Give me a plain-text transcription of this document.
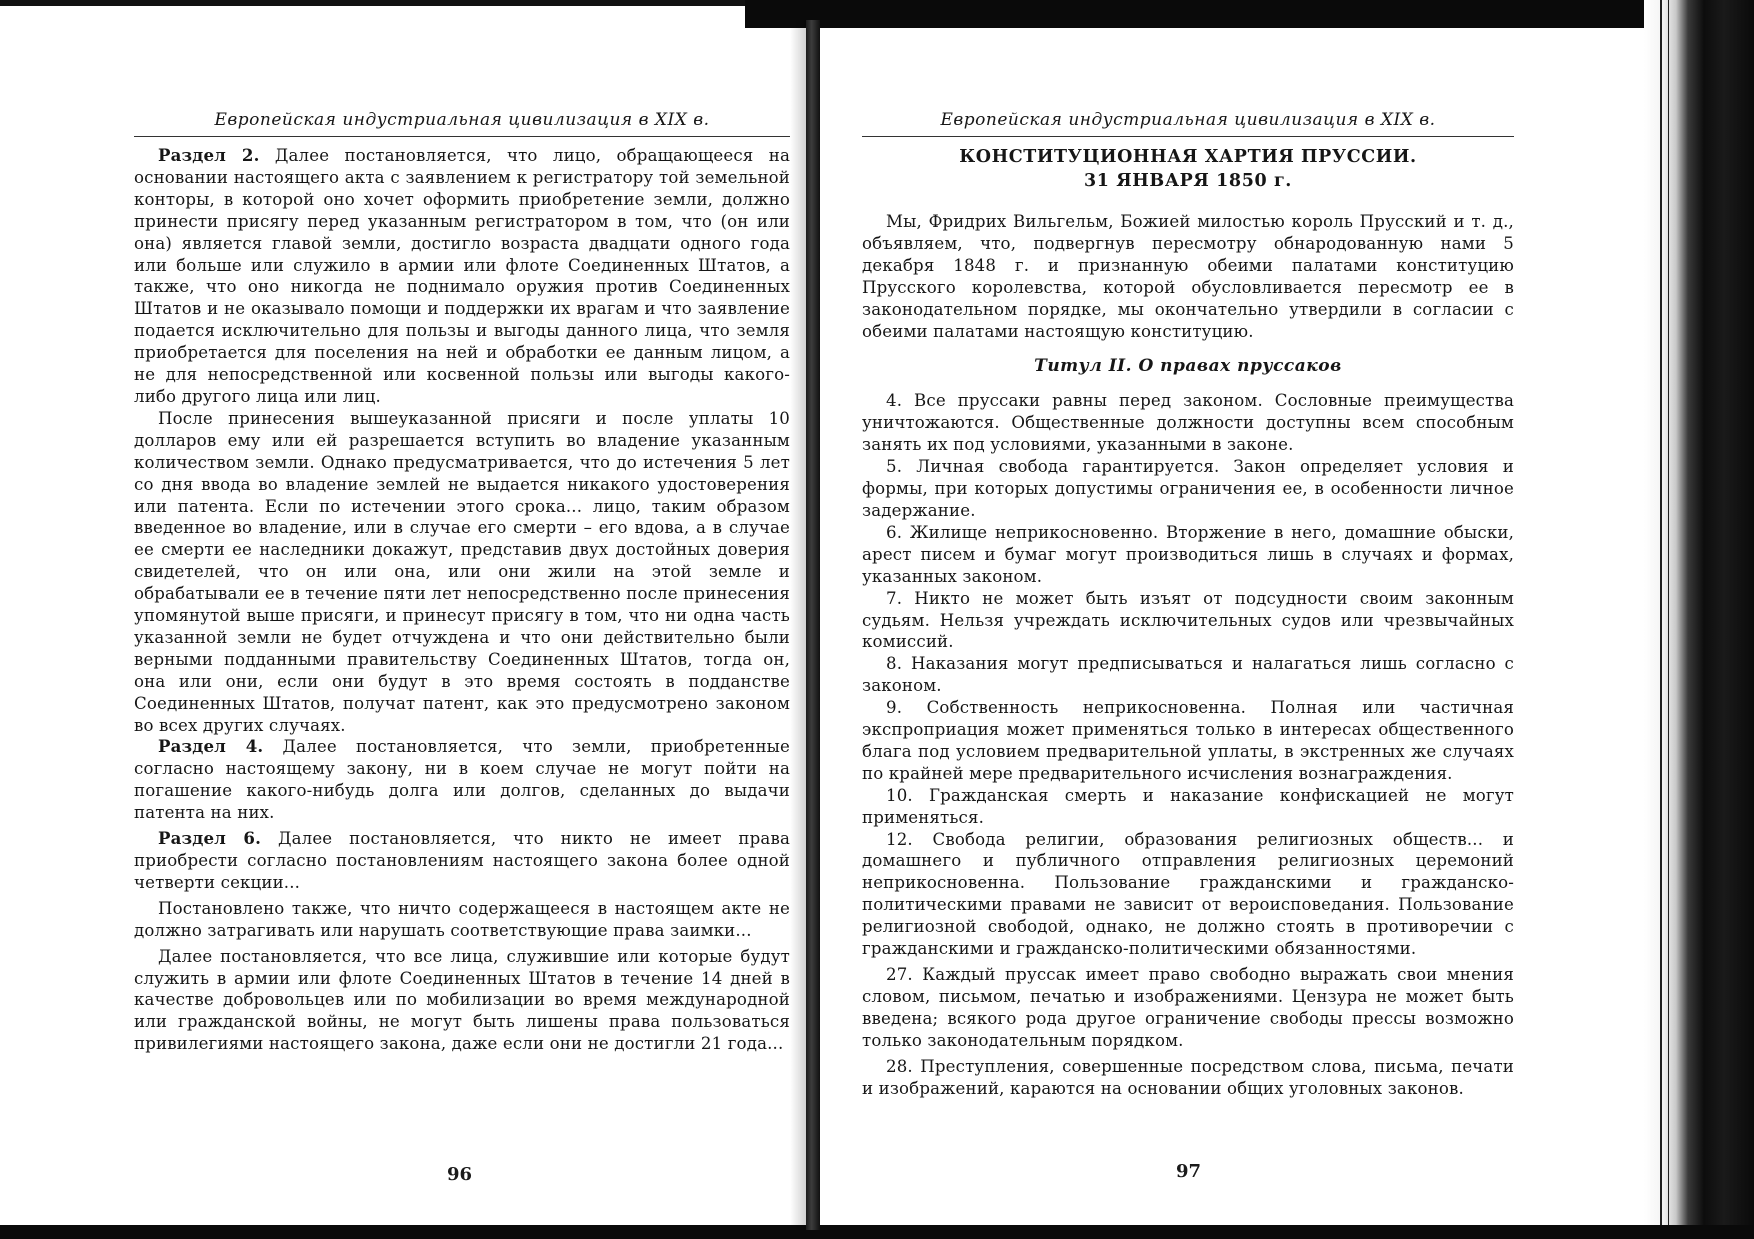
Европейская индустриальная цивилизация в XIX в.

Раздел 2. Далее постановляется, что лицо, обращающееся на основании настоящего акта с заявлением к регистратору той земельной конторы, в которой оно хочет оформить приобретение земли, должно принести присягу перед указанным регистратором в том, что (он или она) является главой земли, достигло возраста двадцати одного года или больше или служило в армии или флоте Соединенных Штатов, а также, что оно никогда не поднимало оружия против Соединенных Штатов и не оказывало помощи и поддержки их врагам и что заявление подается исключительно для пользы и выгоды данного лица, что земля приобретается для поселения на ней и обработки ее данным лицом, а не для непосредственной или косвенной пользы или выгоды какого-либо другого лица или лиц.

После принесения вышеуказанной присяги и после уплаты 10 долларов ему или ей разрешается вступить во владение указанным количеством земли. Однако предусматривается, что до истечения 5 лет со дня ввода во владение землей не выдается никакого удостоверения или патента. Если по истечении этого срока... лицо, таким образом введенное во владение, или в случае его смерти – его вдова, а в случае ее смерти ее наследники докажут, представив двух достойных доверия свидетелей, что он или она, или они жили на этой земле и обрабатывали ее в течение пяти лет непосредственно после принесения упомянутой выше присяги, и принесут присягу в том, что ни одна часть указанной земли не будет отчуждена и что они действительно были верными подданными правительству Соединенных Штатов, тогда он, она или они, если они будут в это время состоять в подданстве Соединенных Штатов, получат патент, как это предусмотрено законом во всех других случаях.

Раздел 4. Далее постановляется, что земли, приобретенные согласно настоящему закону, ни в коем случае не могут пойти на погашение какого-нибудь долга или долгов, сделанных до выдачи патента на них.

Раздел 6. Далее постановляется, что никто не имеет права приобрести согласно постановлениям настоящего закона более одной четверти секции...

Постановлено также, что ничто содержащееся в настоящем акте не должно затрагивать или нарушать соответствующие права заимки...

Далее постановляется, что все лица, служившие или которые будут служить в армии или флоте Соединенных Штатов в течение 14 дней в качестве добровольцев или по мобилизации во время международной или гражданской войны, не могут быть лишены права пользоваться привилегиями настоящего закона, даже если они не достигли 21 года...

96
Европейская индустриальная цивилизация в XIX в.
КОНСТИТУЦИОННАЯ ХАРТИЯ ПРУССИИ.
31 ЯНВАРЯ 1850 г.

Мы, Фридрих Вильгельм, Божией милостью король Прусский и т. д., объявляем, что, подвергнув пересмотру обнародованную нами 5 декабря 1848 г. и признанную обеими палатами конституцию Прусского королевства, которой обусловливается пересмотр ее в законодательном порядке, мы окончательно утвердили в согласии с обеими палатами настоящую конституцию.

Титул II. О правах пруссаков

4. Все пруссаки равны перед законом. Сословные преимущества уничтожаются. Общественные должности доступны всем способным занять их под условиями, указанными в законе.

5. Личная свобода гарантируется. Закон определяет условия и формы, при которых допустимы ограничения ее, в особенности личное задержание.

6. Жилище неприкосновенно. Вторжение в него, домашние обыски, арест писем и бумаг могут производиться лишь в случаях и формах, указанных законом.

7. Никто не может быть изъят от подсудности своим законным судьям. Нельзя учреждать исключительных судов или чрезвычайных комиссий.

8. Наказания могут предписываться и налагаться лишь согласно с законом.

9. Собственность неприкосновенна. Полная или частичная экспроприация может применяться только в интересах общественного блага под условием предварительной уплаты, в экстренных же случаях по крайней мере предварительного исчисления вознаграждения.

10. Гражданская смерть и наказание конфискацией не могут применяться.

12. Свобода религии, образования религиозных обществ... и домашнего и публичного отправления религиозных церемоний неприкосновенна. Пользование гражданскими и гражданско-политическими правами не зависит от вероисповедания. Пользование религиозной свободой, однако, не должно стоять в противоречии с гражданскими и гражданско-политическими обязанностями.

27. Каждый пруссак имеет право свободно выражать свои мнения словом, письмом, печатью и изображениями. Цензура не может быть введена; всякого рода другое ограничение свободы прессы возможно только законодательным порядком.

28. Преступления, совершенные посредством слова, письма, печати и изображений, караются на основании общих уголовных законов.

97
